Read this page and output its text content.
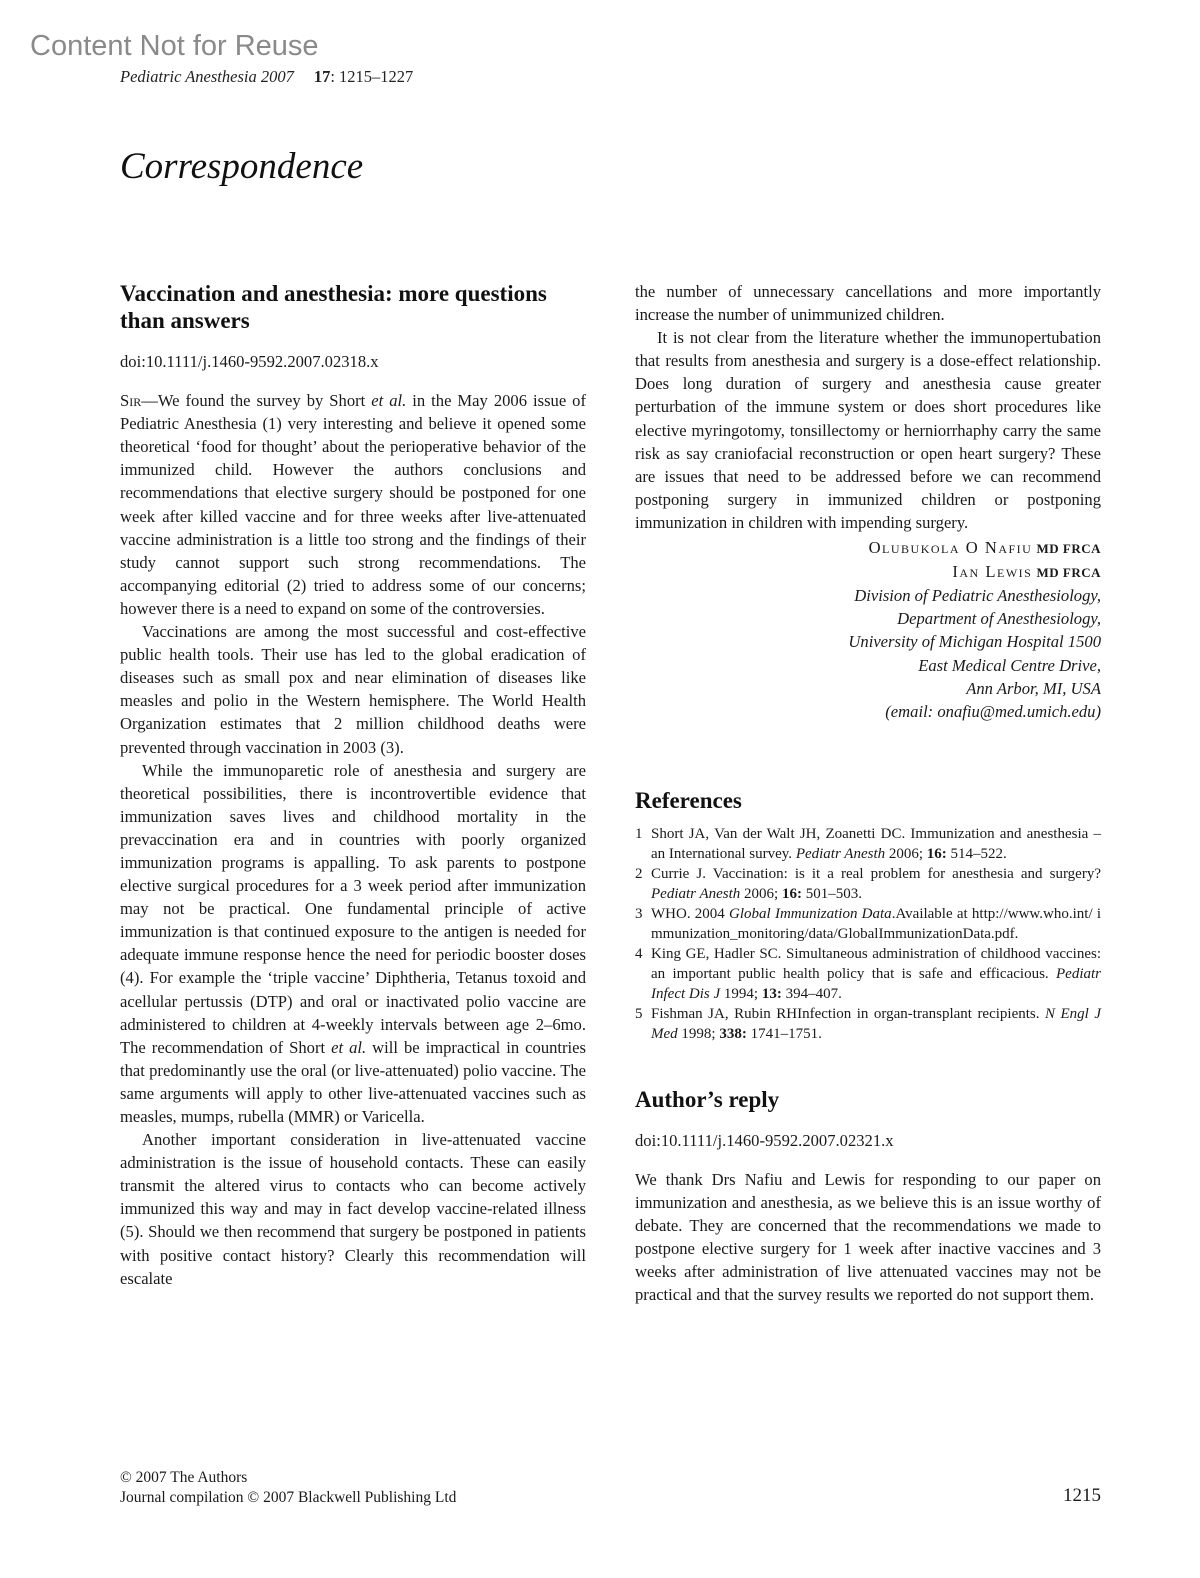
Content Not for Reuse
Pediatric Anesthesia 2007 17: 1215–1227
Correspondence
Vaccination and anesthesia: more questions than answers
doi:10.1111/j.1460-9592.2007.02318.x

Sir—We found the survey by Short et al. in the May 2006 issue of Pediatric Anesthesia (1) very interesting and believe it opened some theoretical ‘food for thought’ about the perioperative behavior of the immunized child. However the authors conclusions and recommendations that elective surgery should be postponed for one week after killed vaccine and for three weeks after live-attenuated vaccine administration is a little too strong and the findings of their study cannot support such strong recommendations. The accompanying editorial (2) tried to address some of our concerns; however there is a need to expand on some of the controversies.

Vaccinations are among the most successful and cost-effective public health tools. Their use has led to the global eradication of diseases such as small pox and near elimination of diseases like measles and polio in the Western hemisphere. The World Health Organization estimates that 2 million childhood deaths were prevented through vaccination in 2003 (3).

While the immunoparetic role of anesthesia and surgery are theoretical possibilities, there is incontrovertible evidence that immunization saves lives and childhood mortality in the prevaccination era and in countries with poorly organized immunization programs is appalling. To ask parents to postpone elective surgical procedures for a 3 week period after immunization may not be practical. One fundamental principle of active immunization is that continued exposure to the antigen is needed for adequate immune response hence the need for periodic booster doses (4). For example the ‘triple vaccine’ Diphtheria, Tetanus toxoid and acellular pertussis (DTP) and oral or inactivated polio vaccine are administered to children at 4-weekly intervals between age 2–6mo. The recommendation of Short et al. will be impractical in countries that predominantly use the oral (or live-attenuated) polio vaccine. The same arguments will apply to other live-attenuated vaccines such as measles, mumps, rubella (MMR) or Varicella.

Another important consideration in live-attenuated vaccine administration is the issue of household contacts. These can easily transmit the altered virus to contacts who can become actively immunized this way and may in fact develop vaccine-related illness (5). Should we then recommend that surgery be postponed in patients with positive contact history? Clearly this recommendation will escalate

the number of unnecessary cancellations and more importantly increase the number of unimmunized children.

It is not clear from the literature whether the immunopertubation that results from anesthesia and surgery is a dose-effect relationship. Does long duration of surgery and anesthesia cause greater perturbation of the immune system or does short procedures like elective myringotomy, tonsillectomy or herniorrhaphy carry the same risk as say craniofacial reconstruction or open heart surgery? These are issues that need to be addressed before we can recommend postponing surgery in immunized children or postponing immunization in children with impending surgery.

Olubukola O Nafiu MD FRCA
Ian Lewis MD FRCA
Division of Pediatric Anesthesiology,
Department of Anesthesiology,
University of Michigan Hospital 1500
East Medical Centre Drive,
Ann Arbor, MI, USA
(email: onafiu@med.umich.edu)
References
1 Short JA, Van der Walt JH, Zoanetti DC. Immunization and anesthesia – an International survey. Pediatr Anesth 2006; 16: 514–522.
2 Currie J. Vaccination: is it a real problem for anesthesia and surgery? Pediatr Anesth 2006; 16: 501–503.
3 WHO. 2004 Global Immunization Data.Available at http://www.who.int/ immunization_monitoring/data/GlobalImmunizationData.pdf.
4 King GE, Hadler SC. Simultaneous administration of childhood vaccines: an important public health policy that is safe and efficacious. Pediatr Infect Dis J 1994; 13: 394–407.
5 Fishman JA, Rubin RHInfection in organ-transplant recipients. N Engl J Med 1998; 338: 1741–1751.
Author’s reply
doi:10.1111/j.1460-9592.2007.02321.x

We thank Drs Nafiu and Lewis for responding to our paper on immunization and anesthesia, as we believe this is an issue worthy of debate. They are concerned that the recommendations we made to postpone elective surgery for 1 week after inactive vaccines and 3 weeks after administration of live attenuated vaccines may not be practical and that the survey results we reported do not support them.

© 2007 The Authors
Journal compilation © 2007 Blackwell Publishing Ltd	1215
